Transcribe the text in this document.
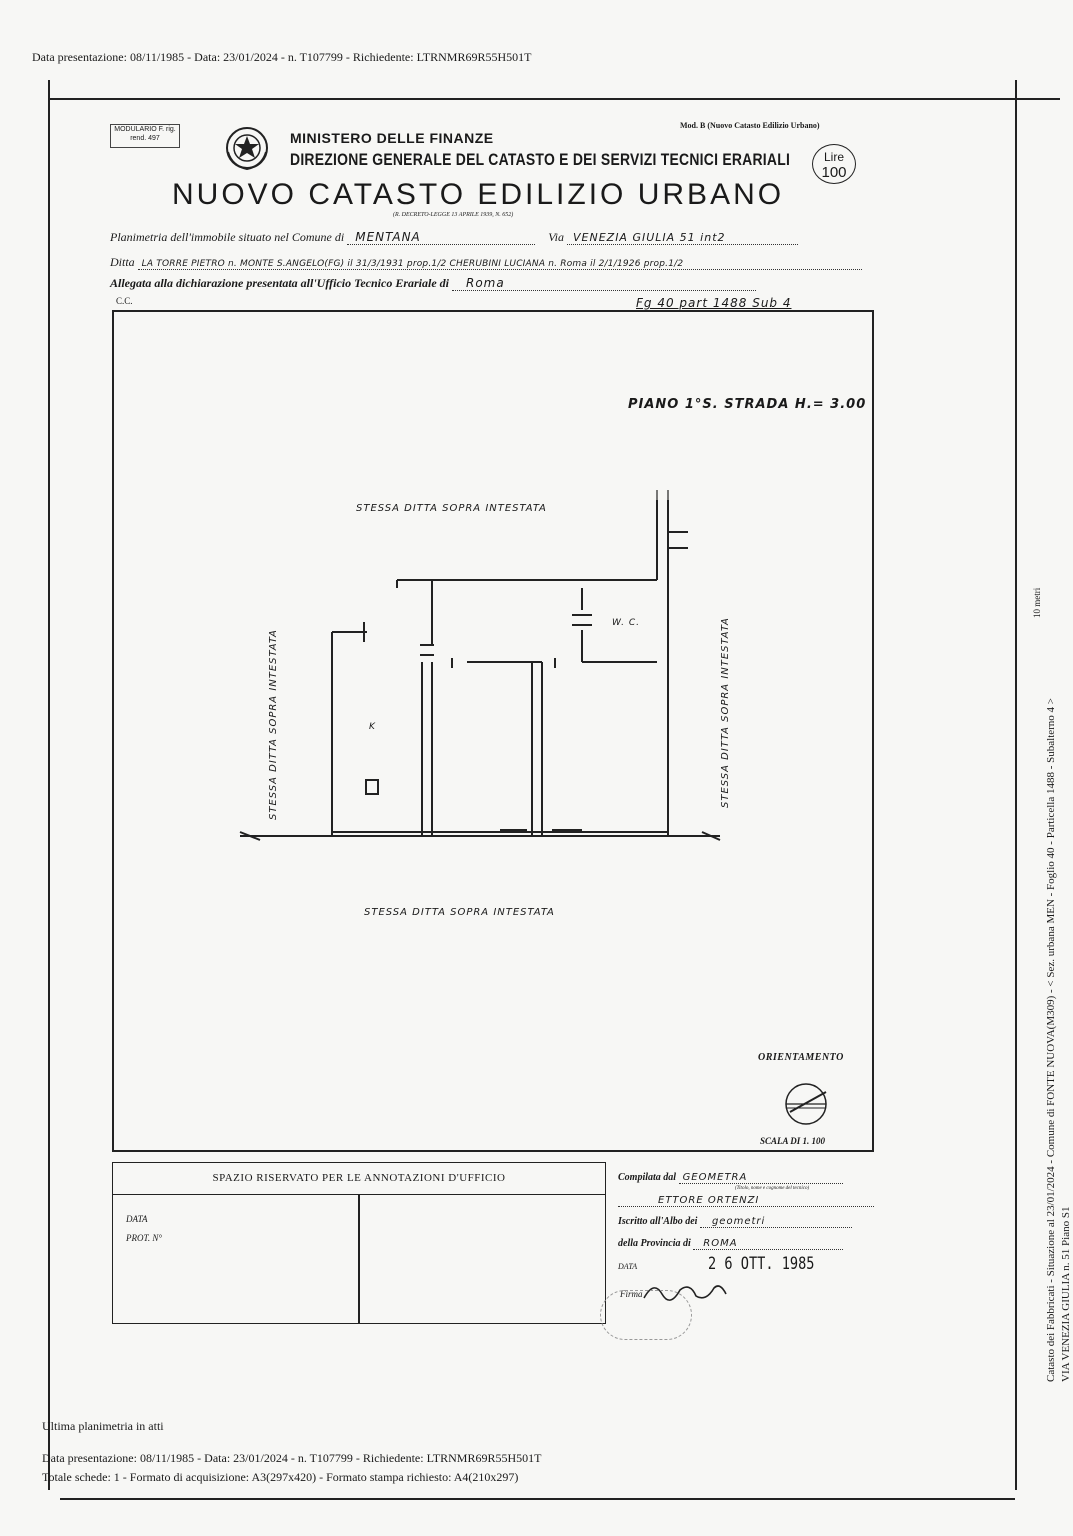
Data presentazione: 08/11/1985 - Data: 23/01/2024 - n. T107799 - Richiedente: LTRNMR69R55H501T
MODULARIO F. rig. rend. 497	MINISTERO DELLE FINANZE
DIREZIONE GENERALE DEL CATASTO E DEI SERVIZI TECNICI ERARIALI
NUOVO CATASTO EDILIZIO URBANO
(R. DECRETO-LEGGE 13 APRILE 1939, N. 652)
Mod. B (Nuovo Catasto Edilizio Urbano)
Lire
100
Planimetria dell'immobile situato nel Comune di MENTANA	Via VENEZIA GIULIA 51 int2
Ditta LA TORRE PIETRO n. MONTE S.ANGELO(FG) il 31/3/1931 prop.1/2 CHERUBINI LUCIANA n. Roma il 2/1/1926 prop.1/2
Allegata alla dichiarazione presentata all'Ufficio Tecnico Erariale di Roma
C.C.	Fg 40 part 1488 Sub 4
PIANO 1°S. STRADA H.= 3.00
STESSA DITTA SOPRA INTESTATA
STESSA DITTA SOPRA INTESTATA
STESSA DITTA SOPRA INTESTATA	STESSA DITTA SOPRA INTESTATA
W. C.
K
ORIENTAMENTO
SCALA DI 1. 100
SPAZIO RISERVATO PER LE ANNOTAZIONI D'UFFICIO
DATA
PROT. N°
Compilata dal GEOMETRA
(Titolo, nome e cognome del tecnico)
ETTORE ORTENZI
Iscritto all'Albo dei geometri
della Provincia di ROMA
DATA	2 6 OTT. 1985
Firma
10 metri
Catasto dei Fabbricati - Situazione al 23/01/2024 - Comune di FONTE NUOVA(M309) - < Sez. urbana MEN - Foglio 40 - Particella 1488 - Subalterno 4 > VIA VENEZIA GIULIA n. 51 Piano S1
Ultima planimetria in atti
Data presentazione: 08/11/1985 - Data: 23/01/2024 - n. T107799 - Richiedente: LTRNMR69R55H501T
Totale schede: 1 - Formato di acquisizione: A3(297x420) - Formato stampa richiesto: A4(210x297)
